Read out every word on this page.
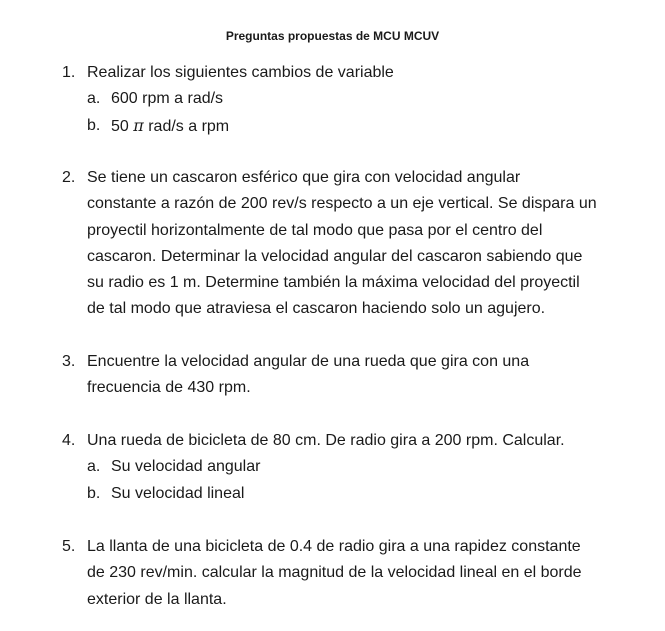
Preguntas propuestas de MCU MCUV
1. Realizar los siguientes cambios de variable
a. 600 rpm a rad/s
b. 50 π rad/s a rpm
2. Se tiene un cascaron esférico que gira con velocidad angular
constante a razón de 200 rev/s respecto a un eje vertical. Se dispara un
proyectil horizontalmente de tal modo que pasa por el centro del
cascaron. Determinar la velocidad angular del cascaron sabiendo que
su radio es 1 m. Determine también la máxima velocidad del proyectil
de tal modo que atraviesa el cascaron haciendo solo un agujero.
3. Encuentre la velocidad angular de una rueda que gira con una
frecuencia de 430 rpm.
4. Una rueda de bicicleta de 80 cm. De radio gira a 200 rpm. Calcular.
a. Su velocidad angular
b. Su velocidad lineal
5. La llanta de una bicicleta de 0.4 de radio gira a una rapidez constante
de 230 rev/min. calcular la magnitud de la velocidad lineal en el borde
exterior de la llanta.
